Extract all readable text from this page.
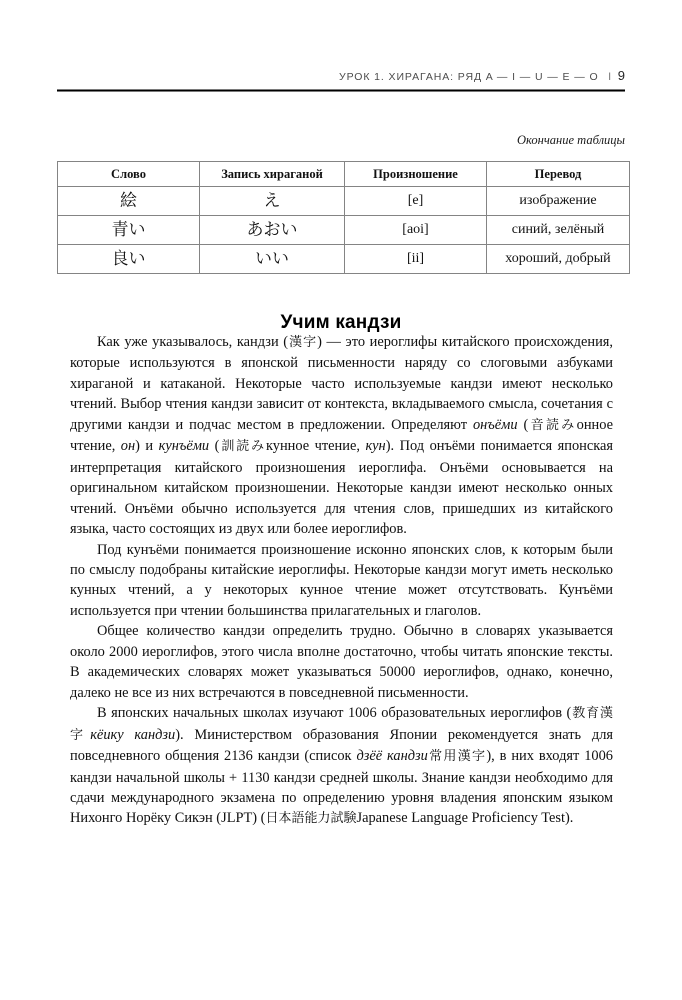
УРОК 1. ХИРАГАНА: РЯД A — I — U — E — O l 9
Окончание таблицы
Слово	Запись хираганой	Произношение	Перевод
絵	え	[e]	изображение
青い	あおい	[aoi]	синий, зелёный
良い	いい	[ii]	хороший, добрый
Учим кандзи

Как уже указывалось, кандзи (漢字) — это иероглифы китайского происхождения, которые используются в японской письменности наряду со слоговыми азбуками хираганой и катаканой. Некоторые часто используемые кандзи имеют несколько чтений. Выбор чтения кандзи зависит от контекста, вкладываемого смысла, сочетания с другими кандзи и подчас местом в предложении. Определяют онъёми (音読みонное чтение, он) и кунъёми (訓読みкунное чтение, кун). Под онъёми понимается японская интерпретация китайского произношения иероглифа. Онъёми основывается на оригинальном китайском произношении. Некоторые кандзи имеют несколько онных чтений. Онъёми обычно используется для чтения слов, пришедших из китайского языка, часто состоящих из двух или более иероглифов.

Под кунъёми понимается произношение исконно японских слов, к которым были по смыслу подобраны китайские иероглифы. Некоторые кандзи могут иметь несколько кунных чтений, а у некоторых кунное чтение может отсутствовать. Кунъёми используется при чтении большинства прилагательных и глаголов.

Общее количество кандзи определить трудно. Обычно в словарях указывается около 2000 иероглифов, этого числа вполне достаточно, чтобы читать японские тексты. В академических словарях может указываться 50000 иероглифов, однако, конечно, далеко не все из них встречаются в повседневной письменности.

В японских начальных школах изучают 1006 образовательных иероглифов (教育漢字кёику кандзи). Министерством образования Японии рекомендуется знать для повседневного общения 2136 кандзи (список дзёё кандзи常用漢字), в них входят 1006 кандзи начальной школы + 1130 кандзи средней школы. Знание кандзи необходимо для сдачи международного экзамена по определению уровня владения японским языком Нихонго Норёку Сикэн (JLPT) (日本語能力試験Japanese Language Proficiency Test).
